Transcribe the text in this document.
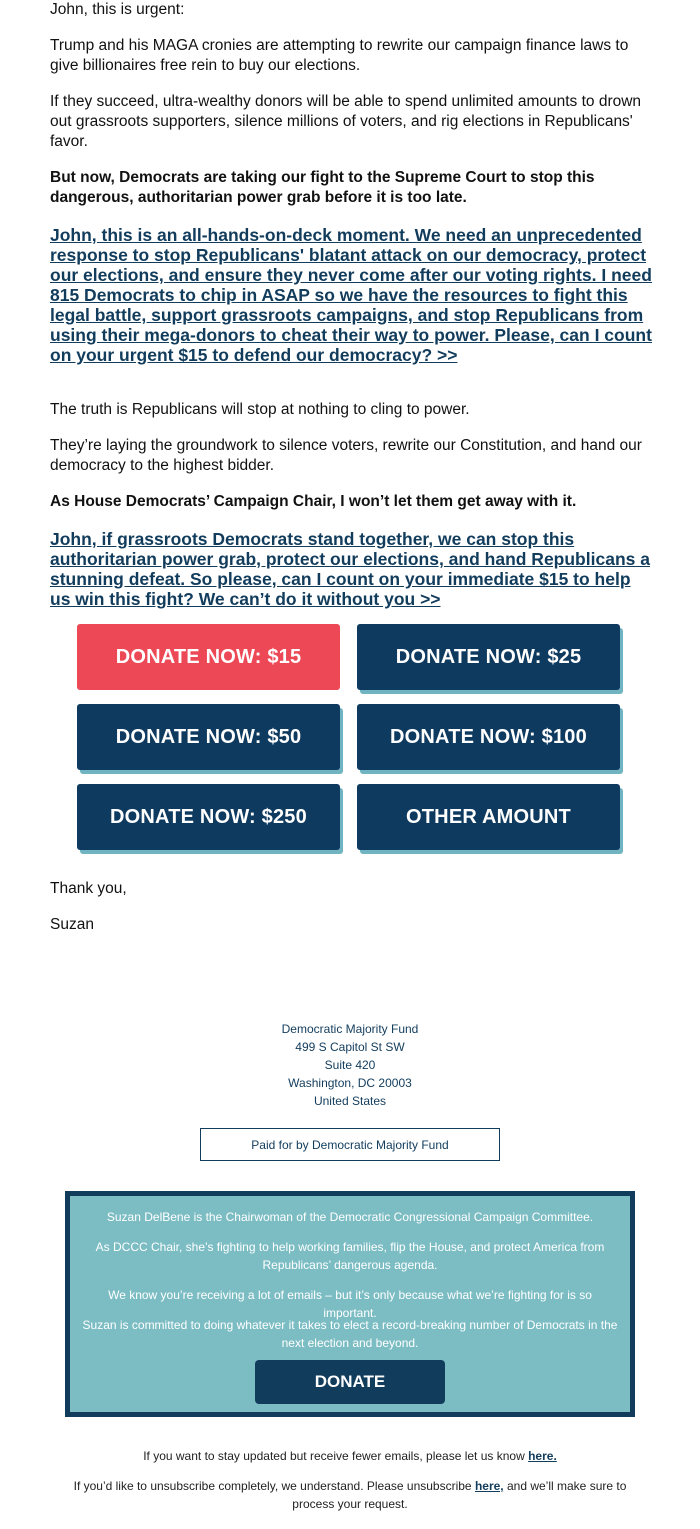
John, this is urgent:

Trump and his MAGA cronies are attempting to rewrite our campaign finance laws to give billionaires free rein to buy our elections.

If they succeed, ultra-wealthy donors will be able to spend unlimited amounts to drown out grassroots supporters, silence millions of voters, and rig elections in Republicans' favor.

But now, Democrats are taking our fight to the Supreme Court to stop this dangerous, authoritarian power grab before it is too late.

John, this is an all-hands-on-deck moment. We need an unprecedented response to stop Republicans' blatant attack on our democracy, protect our elections, and ensure they never come after our voting rights. I need 815 Democrats to chip in ASAP so we have the resources to fight this legal battle, support grassroots campaigns, and stop Republicans from using their mega-donors to cheat their way to power. Please, can I count on your urgent $15 to defend our democracy? >>

The truth is Republicans will stop at nothing to cling to power.

They’re laying the groundwork to silence voters, rewrite our Constitution, and hand our democracy to the highest bidder.

As House Democrats’ Campaign Chair, I won’t let them get away with it.

John, if grassroots Democrats stand together, we can stop this authoritarian power grab, protect our elections, and hand Republicans a stunning defeat. So please, can I count on your immediate $15 to help us win this fight? We can’t do it without you >>

DONATE NOW: $15	DONATE NOW: $25
DONATE NOW: $50	DONATE NOW: $100
DONATE NOW: $250	OTHER AMOUNT
Thank you,
Suzan
Democratic Majority Fund
499 S Capitol St SW
Suite 420
Washington, DC 20003
United States
Paid for by Democratic Majority Fund
Suzan DelBene is the Chairwoman of the Democratic Congressional Campaign Committee.
As DCCC Chair, she’s fighting to help working families, flip the House, and protect America from Republicans’ dangerous agenda.
We know you’re receiving a lot of emails – but it’s only because what we’re fighting for is so important.
Suzan is committed to doing whatever it takes to elect a record-breaking number of Democrats in the next election and beyond.
DONATE
If you want to stay updated but receive fewer emails, please let us know here.
If you’d like to unsubscribe completely, we understand. Please unsubscribe here, and we’ll make sure to process your request.
